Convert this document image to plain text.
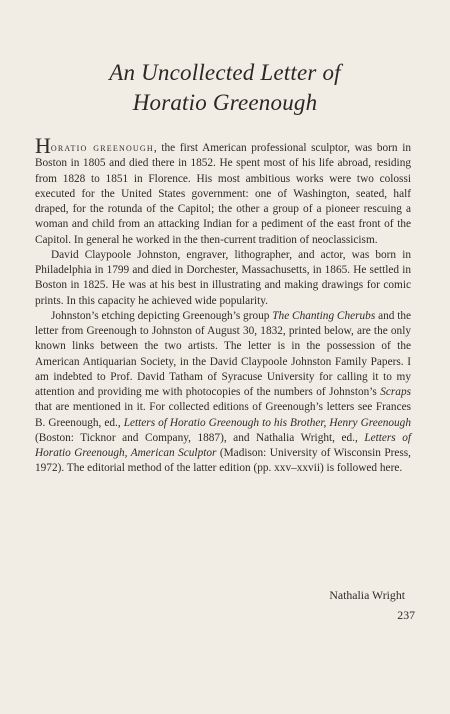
An Uncollected Letter of
Horatio Greenough

Horatio greenough, the first American professional sculptor, was born in Boston in 1805 and died there in 1852. He spent most of his life abroad, residing from 1828 to 1851 in Florence. His most ambitious works were two colossi executed for the United States government: one of Washington, seated, half draped, for the rotunda of the Capitol; the other a group of a pioneer rescuing a woman and child from an attacking Indian for a pediment of the east front of the Capitol. In general he worked in the then-current tradition of neoclassicism.

David Claypoole Johnston, engraver, lithographer, and actor, was born in Philadelphia in 1799 and died in Dorchester, Massachusetts, in 1865. He settled in Boston in 1825. He was at his best in illustrating and making drawings for comic prints. In this capacity he achieved wide popularity.

Johnston’s etching depicting Greenough’s group The Chanting Cherubs and the letter from Greenough to Johnston of August 30, 1832, printed below, are the only known links between the two artists. The letter is in the possession of the American Antiquarian Society, in the David Claypoole Johnston Family Papers. I am indebted to Prof. David Tatham of Syracuse University for calling it to my attention and providing me with photocopies of the numbers of Johnston’s Scraps that are mentioned in it. For collected editions of Greenough’s letters see Frances B. Greenough, ed., Letters of Horatio Greenough to his Brother, Henry Greenough (Boston: Ticknor and Company, 1887), and Nathalia Wright, ed., Letters of Horatio Greenough, American Sculptor (Madison: University of Wisconsin Press, 1972). The editorial method of the latter edition (pp. xxv–xxvii) is followed here.

Nathalia Wright
237
